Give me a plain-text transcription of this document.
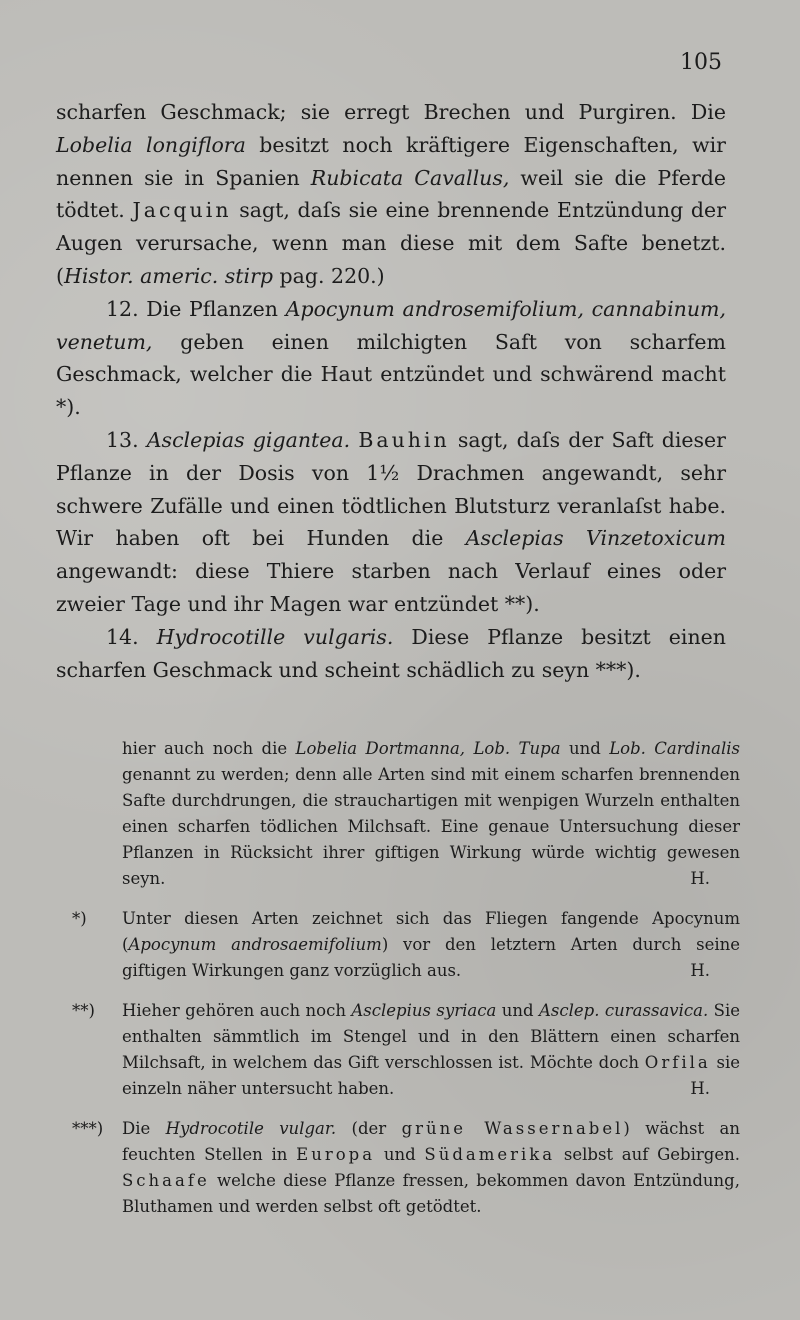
105

scharfen Geschmack; sie erregt Brechen und Purgiren. Die Lobelia longiflora besitzt noch kräftigere Eigenschaften, wir nennen sie in Spanien Rubicata Cavallus, weil sie die Pferde tödtet. Jacquin sagt, daſs sie eine brennende Entzündung der Augen verursache, wenn man diese mit dem Safte benetzt. (Histor. americ. stirp pag. 220.)

12. Die Pflanzen Apocynum androsemifolium, cannabinum, venetum, geben einen milchigten Saft von scharfem Geschmack, welcher die Haut entzündet und schwärend macht *).

13. Asclepias gigantea. Bauhin sagt, daſs der Saft dieser Pflanze in der Dosis von 1½ Drachmen angewandt, sehr schwere Zufälle und einen tödtlichen Blutsturz veranlaſst habe. Wir haben oft bei Hunden die Asclepias Vinzetoxicum angewandt: diese Thiere starben nach Verlauf eines oder zweier Tage und ihr Magen war entzündet **).

14. Hydrocotille vulgaris. Diese Pflanze besitzt einen scharfen Geschmack und scheint schädlich zu seyn ***).

hier auch noch die Lobelia Dortmanna, Lob. Tupa und Lob. Cardinalis genannt zu werden; denn alle Arten sind mit einem scharfen brennenden Safte durchdrungen, die strauchartigen mit wenpigen Wurzeln enthalten einen scharfen tödlichen Milchsaft. Eine genaue Untersuchung dieser Pflanzen in Rücksicht ihrer giftigen Wirkung würde wichtig gewesen seyn.	H.

*)	Unter diesen Arten zeichnet sich das Fliegen fangende Apocynum (Apocynum androsaemifolium) vor den letztern Arten durch seine giftigen Wirkungen ganz vorzüglich aus.	H.

**)	Hieher gehören auch noch Asclepius syriaca und Asclep. curassavica. Sie enthalten sämmtlich im Stengel und in den Blättern einen scharfen Milchsaft, in welchem das Gift verschlossen ist. Möchte doch Orfila sie einzeln näher untersucht haben.	H.

***)	Die Hydrocotile vulgar. (der grüne Wassernabel) wächst an feuchten Stellen in Europa und Südamerika selbst auf Gebirgen. Schaafe welche diese Pflanze fressen, bekommen davon Entzündung, Bluthamen und werden selbst oft getödtet.
